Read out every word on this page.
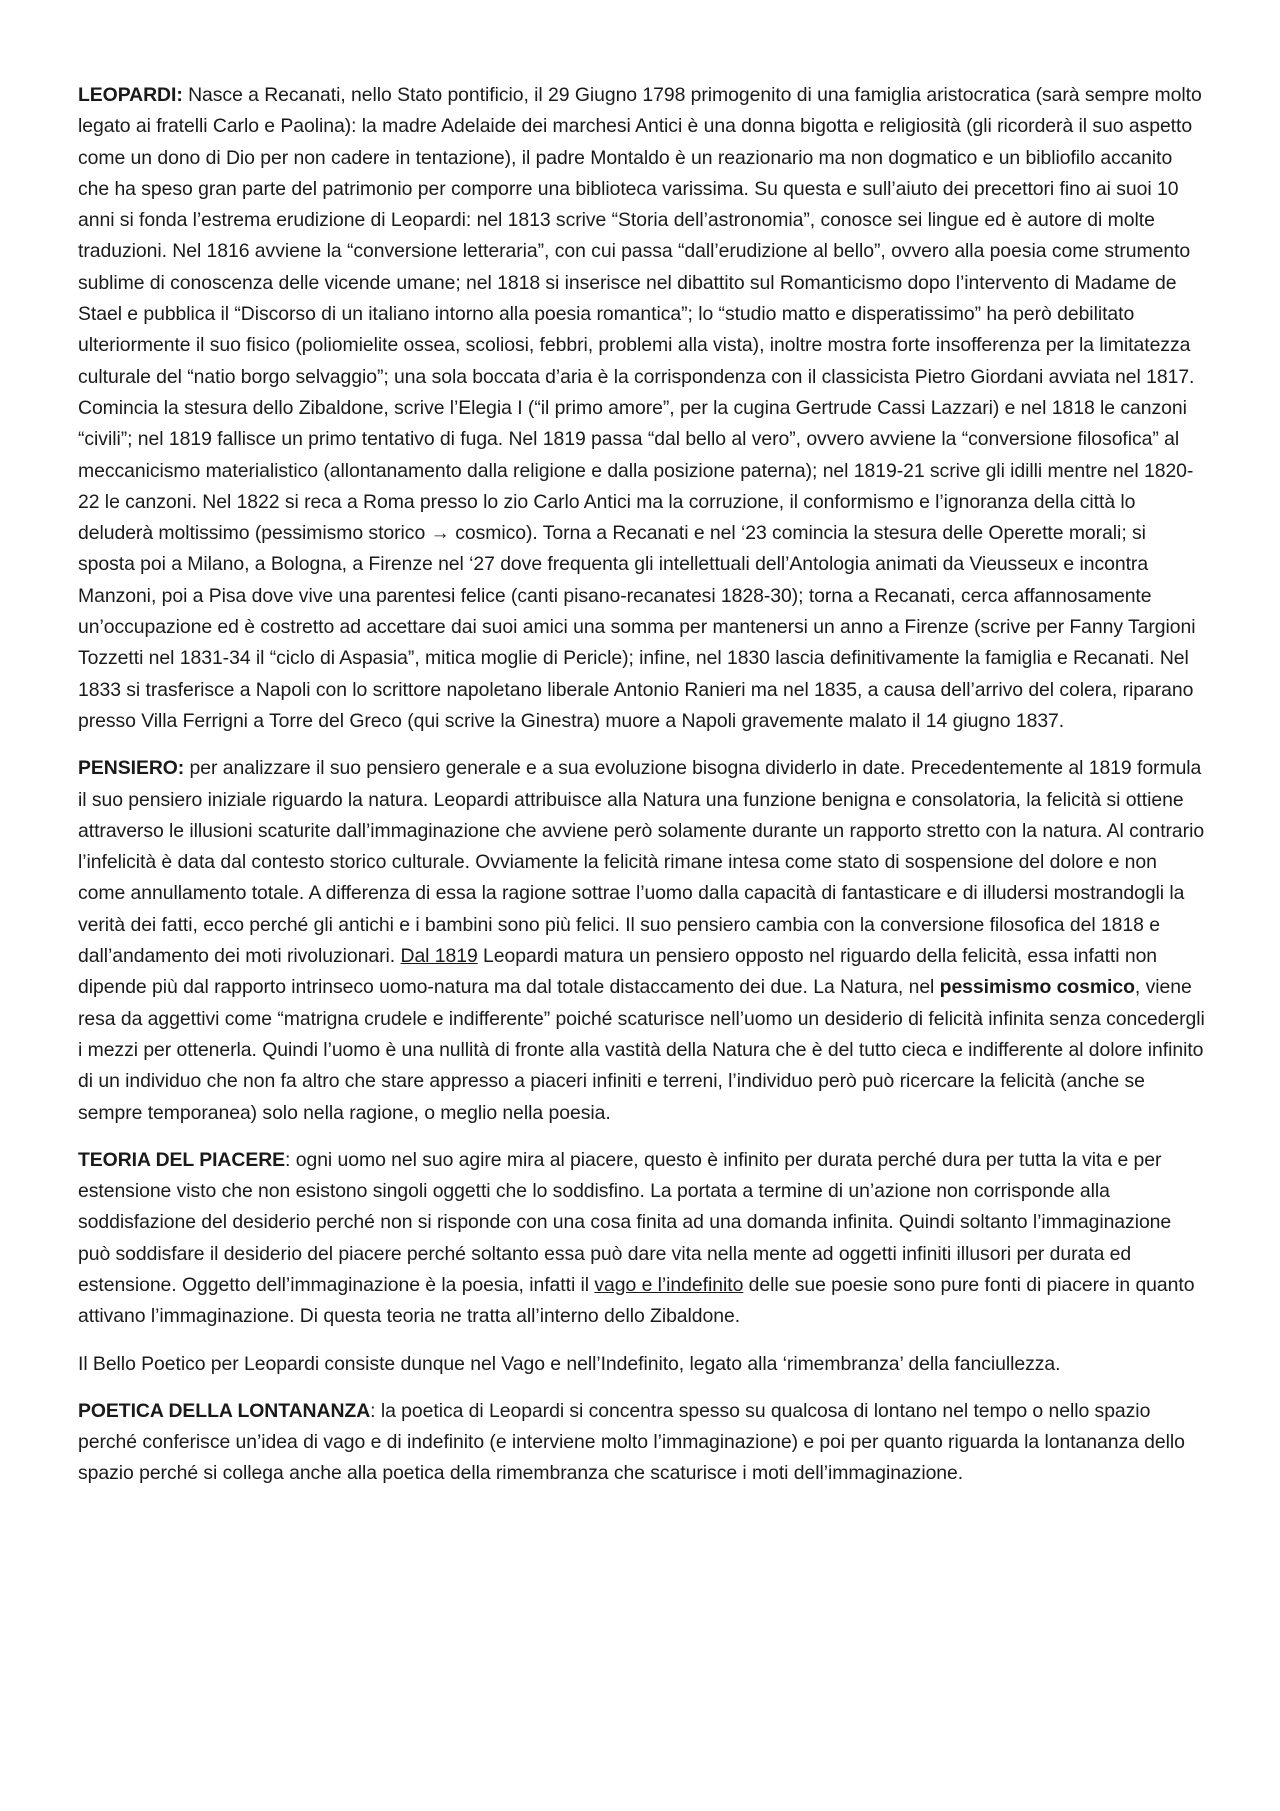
LEOPARDI: Nasce a Recanati, nello Stato pontificio, il 29 Giugno 1798 primogenito di una famiglia aristocratica (sarà sempre molto legato ai fratelli Carlo e Paolina): la madre Adelaide dei marchesi Antici è una donna bigotta e religiosità (gli ricorderà il suo aspetto come un dono di Dio per non cadere in tentazione), il padre Montaldo è un reazionario ma non dogmatico e un bibliofilo accanito che ha speso gran parte del patrimonio per comporre una biblioteca varissima. Su questa e sull’aiuto dei precettori fino ai suoi 10 anni si fonda l’estrema erudizione di Leopardi: nel 1813 scrive “Storia dell’astronomia”, conosce sei lingue ed è autore di molte traduzioni. Nel 1816 avviene la “conversione letteraria”, con cui passa “dall’erudizione al bello”, ovvero alla poesia come strumento sublime di conoscenza delle vicende umane; nel 1818 si inserisce nel dibattito sul Romanticismo dopo l’intervento di Madame de Stael e pubblica il “Discorso di un italiano intorno alla poesia romantica”; lo “studio matto e disperatissimo” ha però debilitato ulteriormente il suo fisico (poliomielite ossea, scoliosi, febbri, problemi alla vista), inoltre mostra forte insofferenza per la limitatezza culturale del “natio borgo selvaggio”; una sola boccata d’aria è la corrispondenza con il classicista Pietro Giordani avviata nel 1817. Comincia la stesura dello Zibaldone, scrive l’Elegia I (“il primo amore”, per la cugina Gertrude Cassi Lazzari) e nel 1818 le canzoni “civili”; nel 1819 fallisce un primo tentativo di fuga. Nel 1819 passa “dal bello al vero”, ovvero avviene la “conversione filosofica” al meccanicismo materialistico (allontanamento dalla religione e dalla posizione paterna); nel 1819-21 scrive gli idilli mentre nel 1820-22 le canzoni. Nel 1822 si reca a Roma presso lo zio Carlo Antici ma la corruzione, il conformismo e l’ignoranza della città lo deluderà moltissimo (pessimismo storico → cosmico). Torna a Recanati e nel ‘23 comincia la stesura delle Operette morali; si sposta poi a Milano, a Bologna, a Firenze nel ‘27 dove frequenta gli intellettuali dell’Antologia animati da Vieusseux e incontra Manzoni, poi a Pisa dove vive una parentesi felice (canti pisano-recanatesi 1828-30); torna a Recanati, cerca affannosamente un’occupazione ed è costretto ad accettare dai suoi amici una somma per mantenersi un anno a Firenze (scrive per Fanny Targioni Tozzetti nel 1831-34 il “ciclo di Aspasia”, mitica moglie di Pericle); infine, nel 1830 lascia definitivamente la famiglia e Recanati. Nel 1833 si trasferisce a Napoli con lo scrittore napoletano liberale Antonio Ranieri ma nel 1835, a causa dell’arrivo del colera, riparano presso Villa Ferrigni a Torre del Greco (qui scrive la Ginestra) muore a Napoli gravemente malato il 14 giugno 1837.

PENSIERO: per analizzare il suo pensiero generale e a sua evoluzione bisogna dividerlo in date. Precedentemente al 1819 formula il suo pensiero iniziale riguardo la natura. Leopardi attribuisce alla Natura una funzione benigna e consolatoria, la felicità si ottiene attraverso le illusioni scaturite dall’immaginazione che avviene però solamente durante un rapporto stretto con la natura. Al contrario l’infelicità è data dal contesto storico culturale. Ovviamente la felicità rimane intesa come stato di sospensione del dolore e non come annullamento totale. A differenza di essa la ragione sottrae l’uomo dalla capacità di fantasticare e di illudersi mostrandogli la verità dei fatti, ecco perché gli antichi e i bambini sono più felici. Il suo pensiero cambia con la conversione filosofica del 1818 e dall’andamento dei moti rivoluzionari. Dal 1819 Leopardi matura un pensiero opposto nel riguardo della felicità, essa infatti non dipende più dal rapporto intrinseco uomo-natura ma dal totale distaccamento dei due. La Natura, nel pessimismo cosmico, viene resa da aggettivi come “matrigna crudele e indifferente” poiché scaturisce nell’uomo un desiderio di felicità infinita senza concedergli i mezzi per ottenerla. Quindi l’uomo è una nullità di fronte alla vastità della Natura che è del tutto cieca e indifferente al dolore infinito di un individuo che non fa altro che stare appresso a piaceri infiniti e terreni, l’individuo però può ricercare la felicità (anche se sempre temporanea) solo nella ragione, o meglio nella poesia.

TEORIA DEL PIACERE: ogni uomo nel suo agire mira al piacere, questo è infinito per durata perché dura per tutta la vita e per estensione visto che non esistono singoli oggetti che lo soddisfino. La portata a termine di un’azione non corrisponde alla soddisfazione del desiderio perché non si risponde con una cosa finita ad una domanda infinita. Quindi soltanto l’immaginazione può soddisfare il desiderio del piacere perché soltanto essa può dare vita nella mente ad oggetti infiniti illusori per durata ed estensione. Oggetto dell’immaginazione è la poesia, infatti il vago e l’indefinito delle sue poesie sono pure fonti di piacere in quanto attivano l’immaginazione. Di questa teoria ne tratta all’interno dello Zibaldone.

Il Bello Poetico per Leopardi consiste dunque nel Vago e nell’Indefinito, legato alla ‘rimembranza’ della fanciullezza.

POETICA DELLA LONTANANZA: la poetica di Leopardi si concentra spesso su qualcosa di lontano nel tempo o nello spazio perché conferisce un’idea di vago e di indefinito (e interviene molto l’immaginazione) e poi per quanto riguarda la lontananza dello spazio perché si collega anche alla poetica della rimembranza che scaturisce i moti dell’immaginazione.
